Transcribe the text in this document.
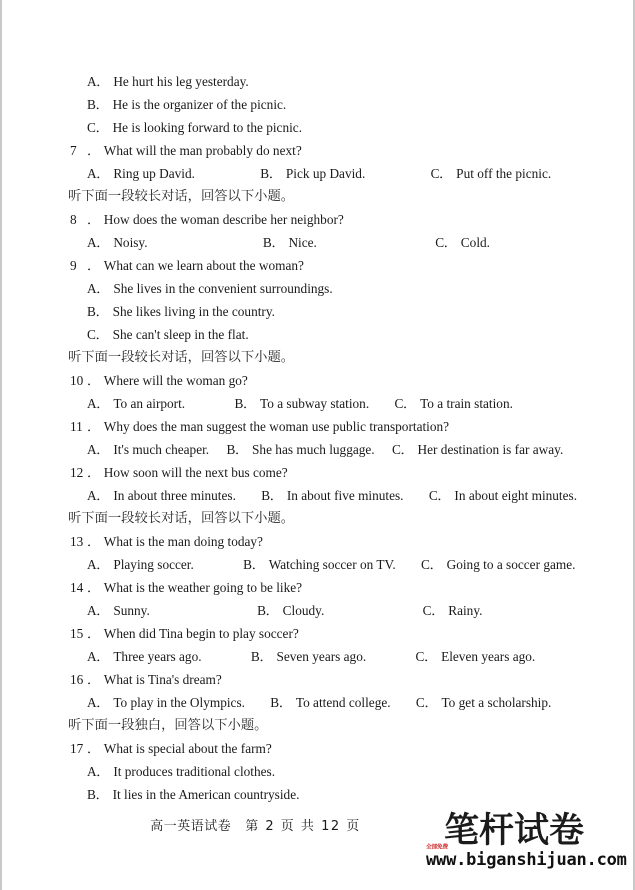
A． He hurt his leg yesterday.
B． He is the organizer of the picnic.
C． He is looking forward to the picnic.
7 ． What will the man probably do next?
A． Ring up David.	B． Pick up David.	C． Put off the picnic.
听下面一段较长对话，回答以下小题。
8 ． How does the woman describe her neighbor?
A． Noisy.	B． Nice.	C． Cold.
9 ． What can we learn about the woman?
A． She lives in the convenient surroundings.
B． She likes living in the country.
C． She can't sleep in the flat.
听下面一段较长对话，回答以下小题。
10 ． Where will the woman go?
A． To an airport.	B． To a subway station. C． To a train station.
11 ． Why does the man suggest the woman use public transportation?
A． It's much cheaper. B． She has much luggage. C． Her destination is far away.
12 ． How soon will the next bus come?
A． In about three minutes. B． In about five minutes. C． In about eight minutes.
听下面一段较长对话，回答以下小题。
13 ． What is the man doing today?
A． Playing soccer.	B． Watching soccer on TV. C． Going to a soccer game.
14 ． What is the weather going to be like?
A． Sunny.	B． Cloudy.	C． Rainy.
15 ． When did Tina begin to play soccer?
A． Three years ago.	B． Seven years ago.	C． Eleven years ago.
16 ． What is Tina's dream?
A． To play in the Olympics. B． To attend college. C． To get a scholarship.
听下面一段独白，回答以下小题。
17 ． What is special about the farm?
A． It produces traditional clothes.
B． It lies in the American countryside.
高一英语试卷 第 2 页 共 12 页
全部免费
笔杆试卷
www.biganshijuan.com
